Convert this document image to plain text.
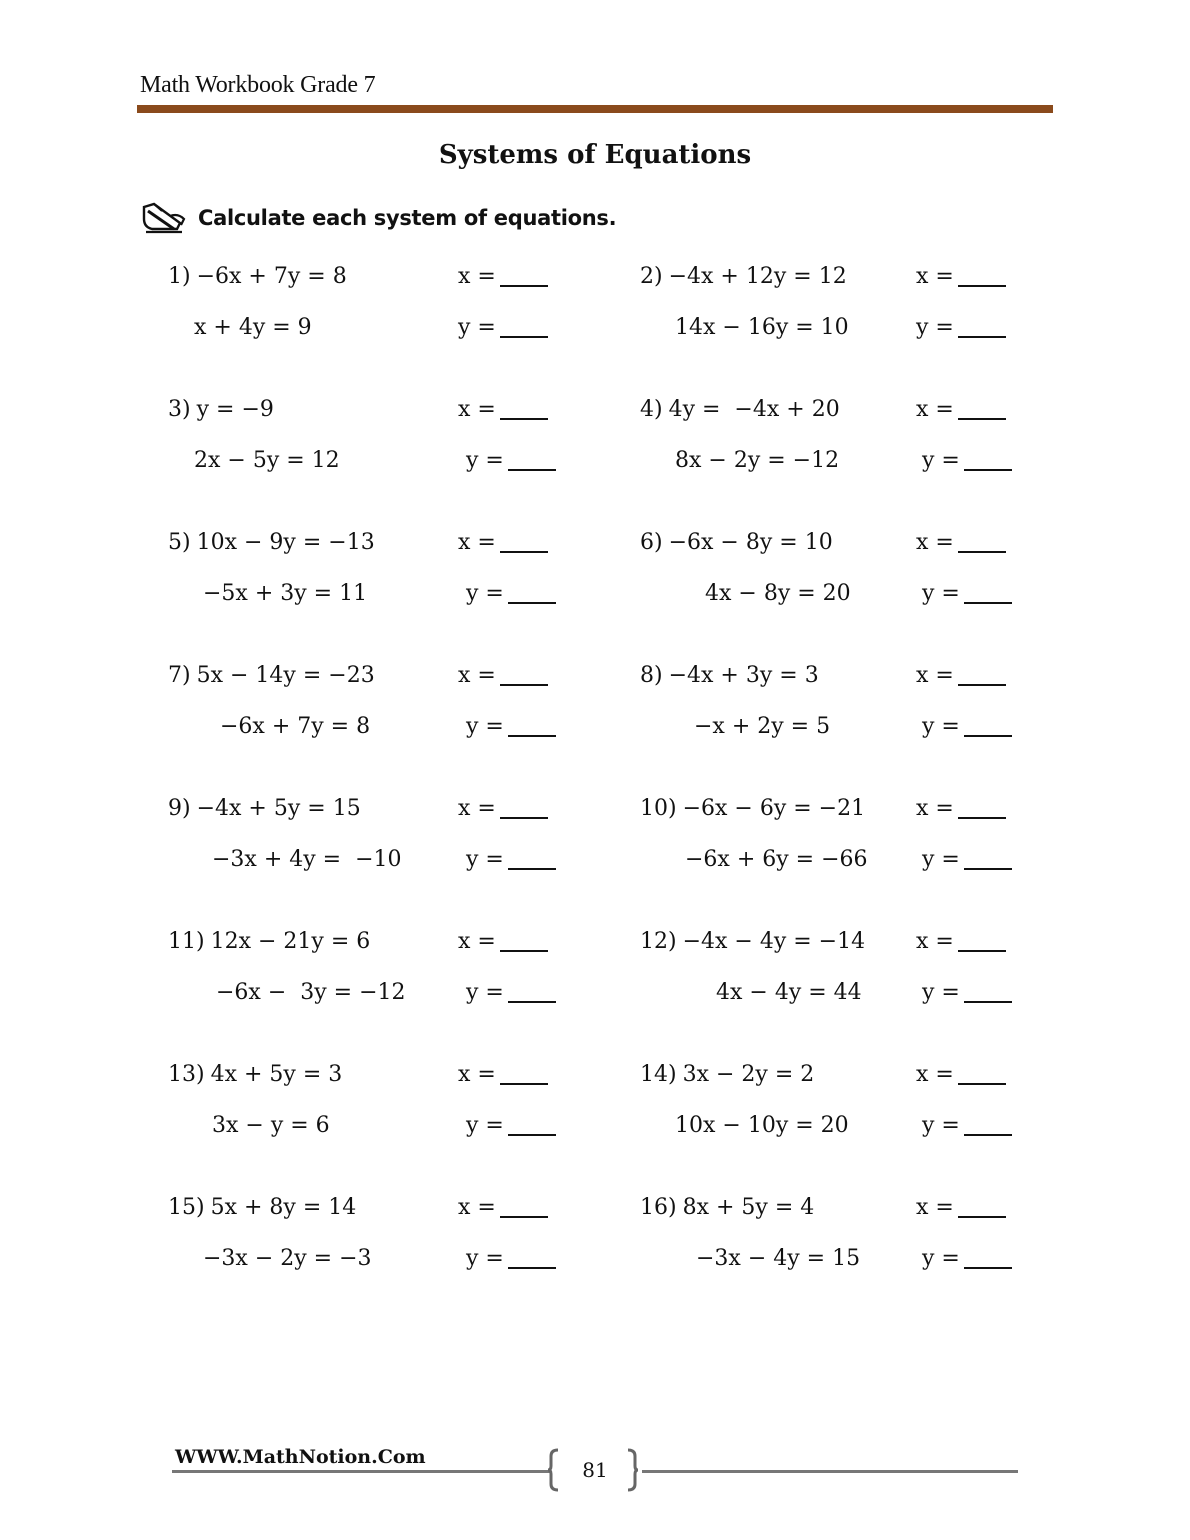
Math Workbook Grade 7
Systems of Equations
Calculate each system of equations.
1) −6x + 7y = 8
x + 4y = 9
x =
y =
2) −4x + 12y = 12
14x − 16y = 10
x =
y =
3) y = −9
2x − 5y = 12
x =
y =
4) 4y =  −4x + 20
8x − 2y = −12
x =
y =
5) 10x − 9y = −13
−5x + 3y = 11
x =
y =
6) −6x − 8y = 10
4x − 8y = 20
x =
y =
7) 5x − 14y = −23
−6x + 7y = 8
x =
y =
8) −4x + 3y = 3
−x + 2y = 5
x =
y =
9) −4x + 5y = 15
−3x + 4y =  −10
x =
y =
10) −6x − 6y = −21
−6x + 6y = −66
x =
y =
11) 12x − 21y = 6
−6x −  3y = −12
x =
y =
12) −4x − 4y = −14
4x − 4y = 44
x =
y =
13) 4x + 5y = 3
3x − y = 6
x =
y =
14) 3x − 2y = 2
10x − 10y = 20
x =
y =
15) 5x + 8y = 14
−3x − 2y = −3
x =
y =
16) 8x + 5y = 4
−3x − 4y = 15
x =
y =
WWW.MathNotion.Com
81
